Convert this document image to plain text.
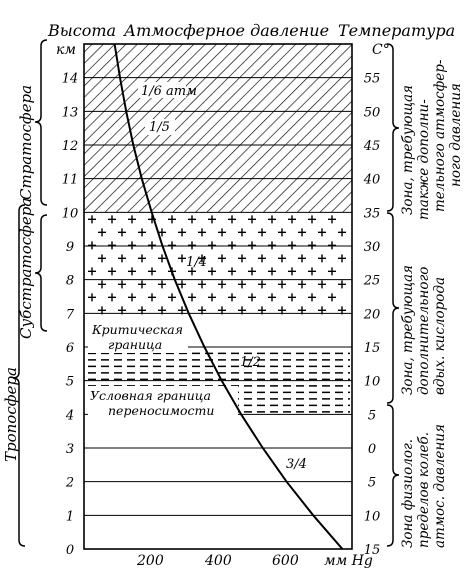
Высота
км
Атмосферное давление Температура
C°
1/6 атм
1/5
1/4
1/2
3/4
Критическая
граница
Условная граница
переносимости
0
1
2
3
4
5
6
7
8
9
10
11
12
13
14
15
10
5
0
5
10
15
20
25
30
35
40
45
50
55
200	400	600 мм Hg
Стратосфера
Субстратосфера
Тропосфера
Зона, требующая также дополни- тельного атмосфер- ного давления
Зона, требующая дополнительного вдых. кислорода
Зона физиолог. пределов колеб. атмос. давления
